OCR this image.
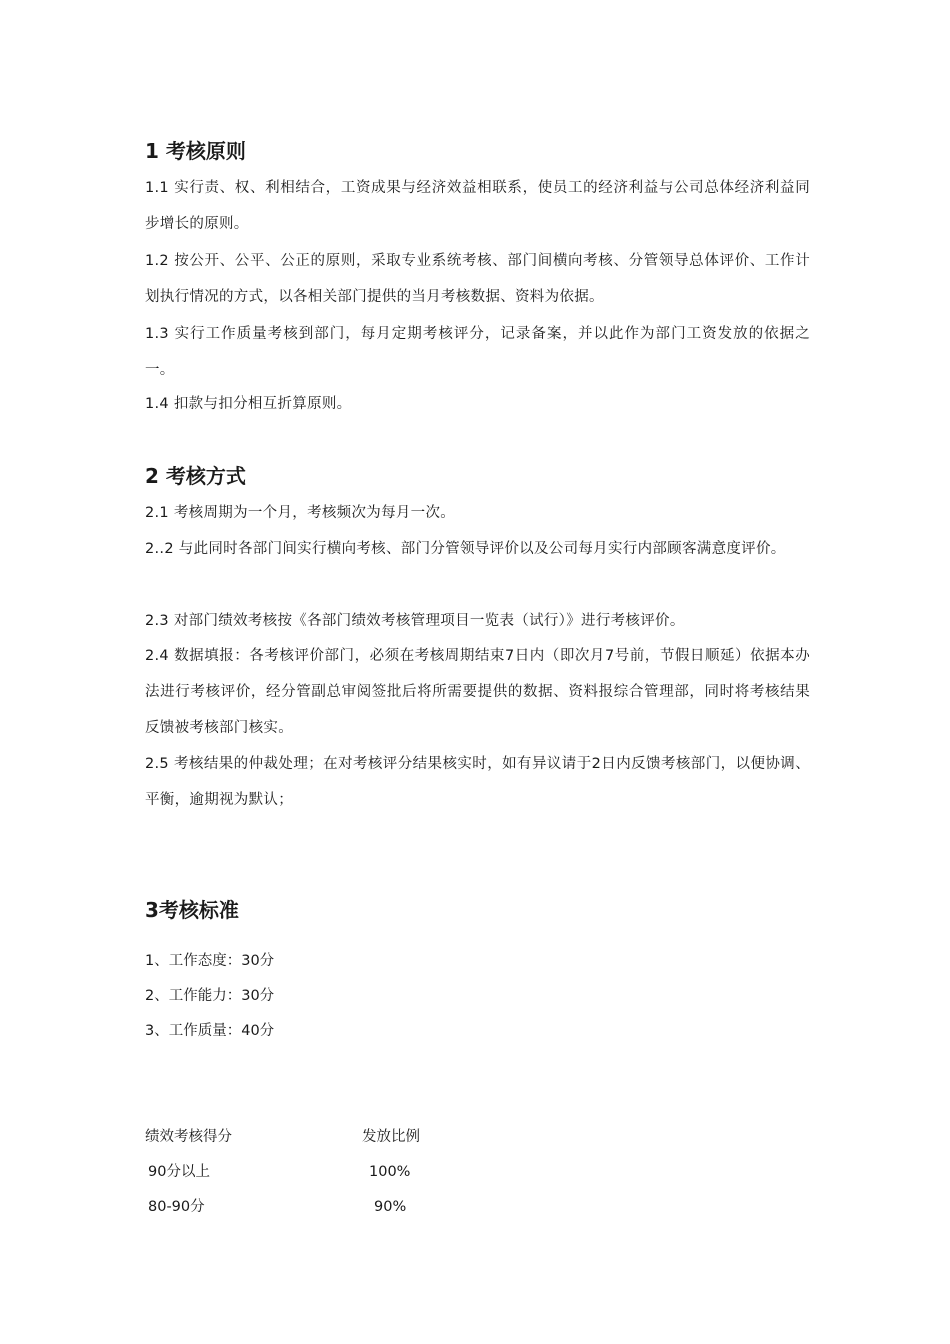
1 考核原则
1.1 实行责、权、利相结合，工资成果与经济效益相联系，使员工的经济利益与公司总体经济利益同步增长的原则。
1.2 按公开、公平、公正的原则，采取专业系统考核、部门间横向考核、分管领导总体评价、工作计划执行情况的方式，以各相关部门提供的当月考核数据、资料为依据。
1.3 实行工作质量考核到部门，每月定期考核评分，记录备案，并以此作为部门工资发放的依据之一。
1.4 扣款与扣分相互折算原则。
2 考核方式
2.1 考核周期为一个月，考核频次为每月一次。
2..2 与此同时各部门间实行横向考核、部门分管领导评价以及公司每月实行内部顾客满意度评价。
2.3 对部门绩效考核按《各部门绩效考核管理项目一览表（试行）》进行考核评价。
2.4 数据填报：各考核评价部门，必须在考核周期结束7日内（即次月7号前，节假日顺延）依据本办法进行考核评价，经分管副总审阅签批后将所需要提供的数据、资料报综合管理部，同时将考核结果反馈被考核部门核实。
2.5 考核结果的仲裁处理；在对考核评分结果核实时，如有异议请于2日内反馈考核部门，以便协调、平衡，逾期视为默认；
3考核标准
1、工作态度：30分
2、工作能力：30分
3、工作质量：40分
绩效考核得分	发放比例
90分以上	100%
80-90分	90%
